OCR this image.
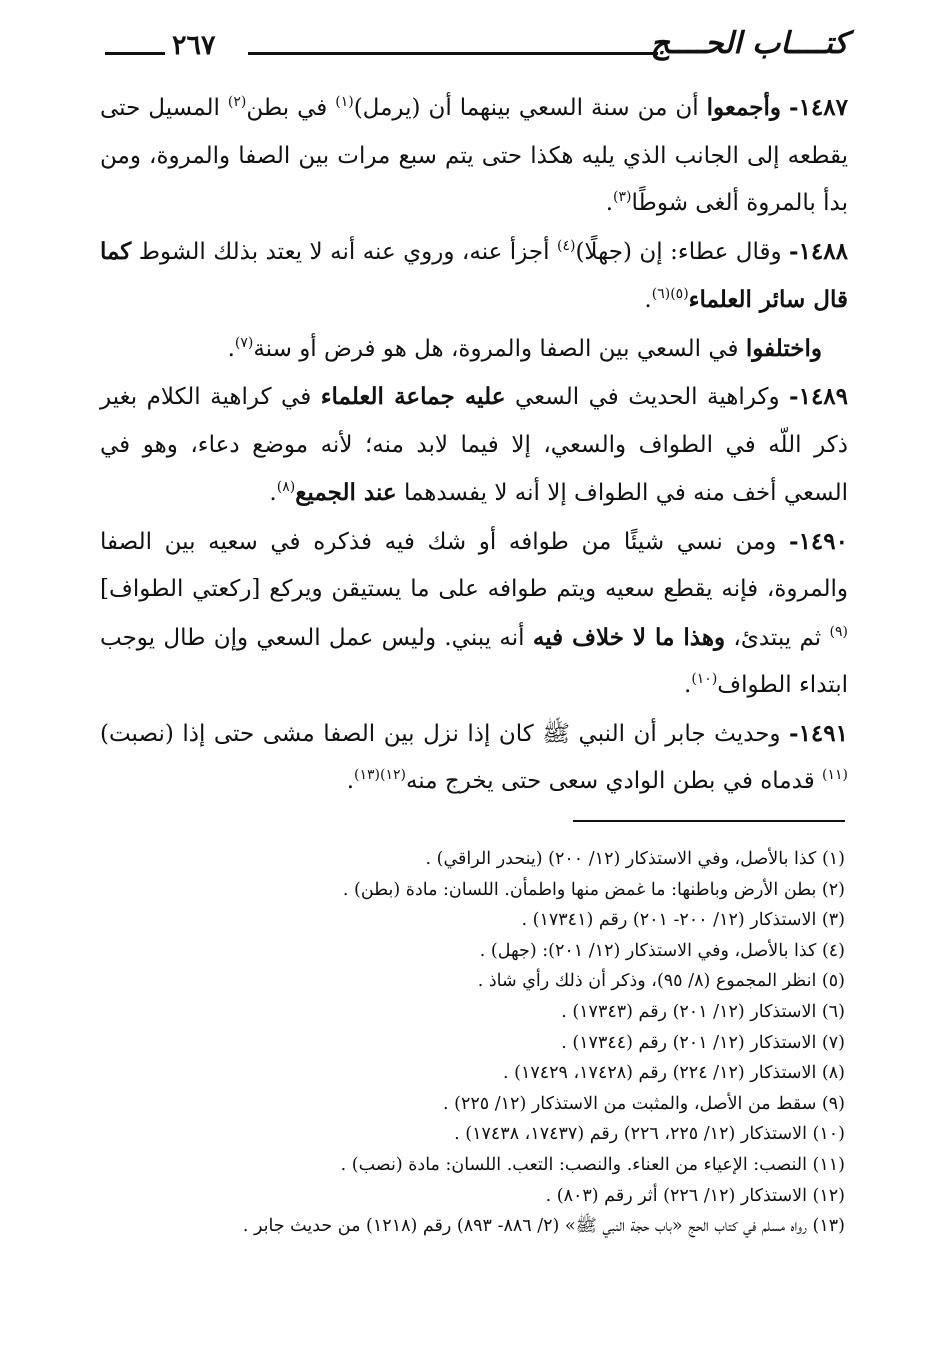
٢٦٧	كتــــاب الحــــج

١٤٨٧- وأجمعوا أن من سنة السعي بينهما أن (يرمل)$^{(١)}$ في بطن$^{(٢)}$ المسيل حتى يقطعه إلى الجانب الذي يليه هكذا حتى يتم سبع مرات بين الصفا والمروة، ومن بدأ بالمروة ألغى شوطًا$^{(٣)}$.

١٤٨٨- وقال عطاء: إن (جهلًا)$^{(٤)}$ أجزأ عنه، وروي عنه أنه لا يعتد بذلك الشوط كما قال سائر العلماء$^{(٥)(٦)}$.

واختلفوا في السعي بين الصفا والمروة، هل هو فرض أو سنة$^{(٧)}$.

١٤٨٩- وكراهية الحديث في السعي عليه جماعة العلماء في كراهية الكلام بغير ذكر اللّه في الطواف والسعي، إلا فيما لابد منه؛ لأنه موضع دعاء، وهو في السعي أخف منه في الطواف إلا أنه لا يفسدهما عند الجميع$^{(٨)}$.

١٤٩٠- ومن نسي شيئًا من طوافه أو شك فيه فذكره في سعيه بين الصفا والمروة، فإنه يقطع سعيه ويتم طوافه على ما يستيقن ويركع [ركعتي الطواف]$^{(٩)}$ ثم يبتدئ، وهذا ما لا خلاف فيه أنه يبني. وليس عمل السعي وإن طال يوجب ابتداء الطواف$^{(١٠)}$.

١٤٩١- وحديث جابر أن النبي ﷺ كان إذا نزل بين الصفا مشى حتى إذا (نصبت)$^{(١١)}$ قدماه في بطن الوادي سعى حتى يخرج منه$^{(١٢)(١٣)}$.

(١) كذا بالأصل، وفي الاستذكار (١٢/ ٢٠٠) (ينحدر الراقي) .

(٢) بطن الأرض وباطنها: ما غمض منها واطمأن. اللسان: مادة (بطن) .

(٣) الاستذكار (١٢/ ٢٠٠- ٢٠١) رقم (١٧٣٤١) .

(٤) كذا بالأصل، وفي الاستذكار (١٢/ ٢٠١): (جهل) .

(٥) انظر المجموع (٨/ ٩٥)، وذكر أن ذلك رأي شاذ .

(٦) الاستذكار (١٢/ ٢٠١) رقم (١٧٣٤٣) .

(٧) الاستذكار (١٢/ ٢٠١) رقم (١٧٣٤٤) .

(٨) الاستذكار (١٢/ ٢٢٤) رقم (١٧٤٢٨، ١٧٤٢٩) .

(٩) سقط من الأصل، والمثبت من الاستذكار (١٢/ ٢٢٥) .

(١٠) الاستذكار (١٢/ ٢٢٥، ٢٢٦) رقم (١٧٤٣٧، ١٧٤٣٨) .

(١١) النصب: الإعياء من العناء. والنصب: التعب. اللسان: مادة (نصب) .

(١٢) الاستذكار (١٢/ ٢٢٦) أثر رقم (٨٠٣) .

(١٣) رواه مسلم في كتاب الحج «باب حجة النبي ﷺ» (٢/ ٨٨٦- ٨٩٣) رقم (١٢١٨) من حديث جابر .
